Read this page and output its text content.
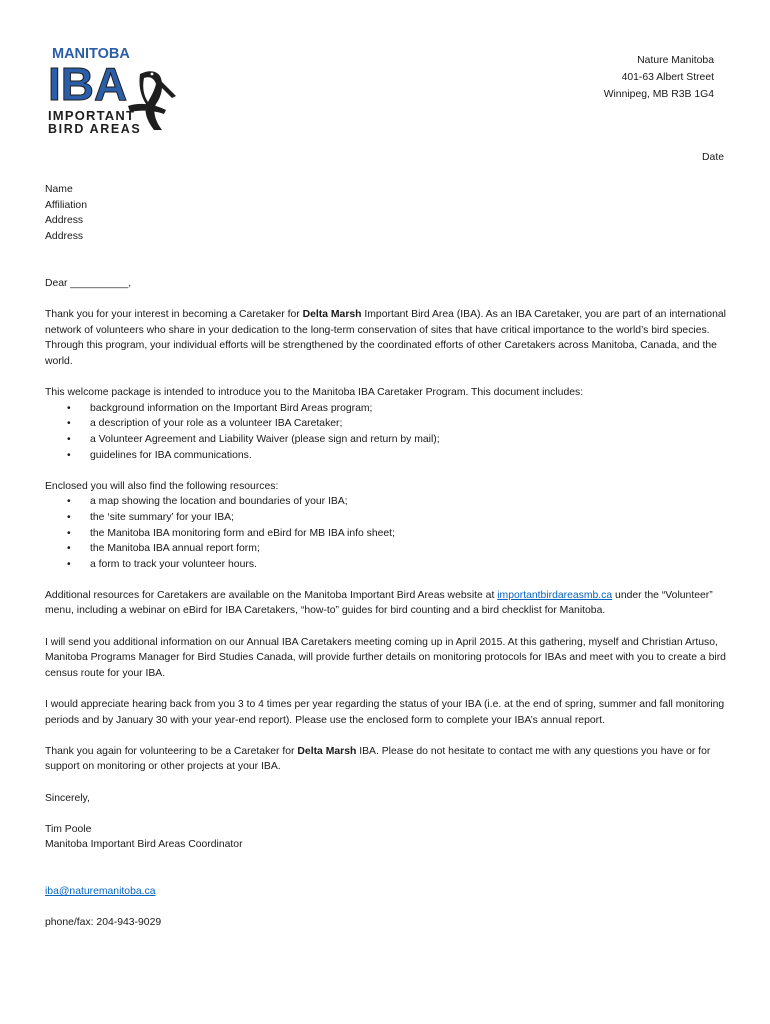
MANITOBA
IBA
IMPORTANT
BIRD AREAS
Nature Manitoba
401-63 Albert Street
Winnipeg, MB R3B 1G4
Date
Name
Affiliation
Address
Address

Dear __________,

Thank you for your interest in becoming a Caretaker for Delta Marsh Important Bird Area (IBA). As an IBA Caretaker, you are part of an international network of volunteers who share in your dedication to the long-term conservation of sites that have critical importance to the world’s bird species. Through this program, your individual efforts will be strengthened by the coordinated efforts of other Caretakers across Manitoba, Canada, and the world.

This welcome package is intended to introduce you to the Manitoba IBA Caretaker Program. This document includes:
• background information on the Important Bird Areas program;
• a description of your role as a volunteer IBA Caretaker;
• a Volunteer Agreement and Liability Waiver (please sign and return by mail);
• guidelines for IBA communications.
Enclosed you will also find the following resources:
• a map showing the location and boundaries of your IBA;
• the ‘site summary’ for your IBA;
• the Manitoba IBA monitoring form and eBird for MB IBA info sheet;
• the Manitoba IBA annual report form;
• a form to track your volunteer hours.

Additional resources for Caretakers are available on the Manitoba Important Bird Areas website at importantbirdareasmb.ca under the “Volunteer” menu, including a webinar on eBird for IBA Caretakers, “how-to” guides for bird counting and a bird checklist for Manitoba.

I will send you additional information on our Annual IBA Caretakers meeting coming up in April 2015. At this gathering, myself and Christian Artuso, Manitoba Programs Manager for Bird Studies Canada, will provide further details on monitoring protocols for IBAs and meet with you to create a bird census route for your IBA.

I would appreciate hearing back from you 3 to 4 times per year regarding the status of your IBA (i.e. at the end of spring, summer and fall monitoring periods and by January 30 with your year-end report). Please use the enclosed form to complete your IBA’s annual report.

Thank you again for volunteering to be a Caretaker for Delta Marsh IBA. Please do not hesitate to contact me with any questions you have or for support on monitoring or other projects at your IBA.

Sincerely,

Tim Poole
Manitoba Important Bird Areas Coordinator
iba@naturemanitoba.ca
phone/fax: 204-943-9029
